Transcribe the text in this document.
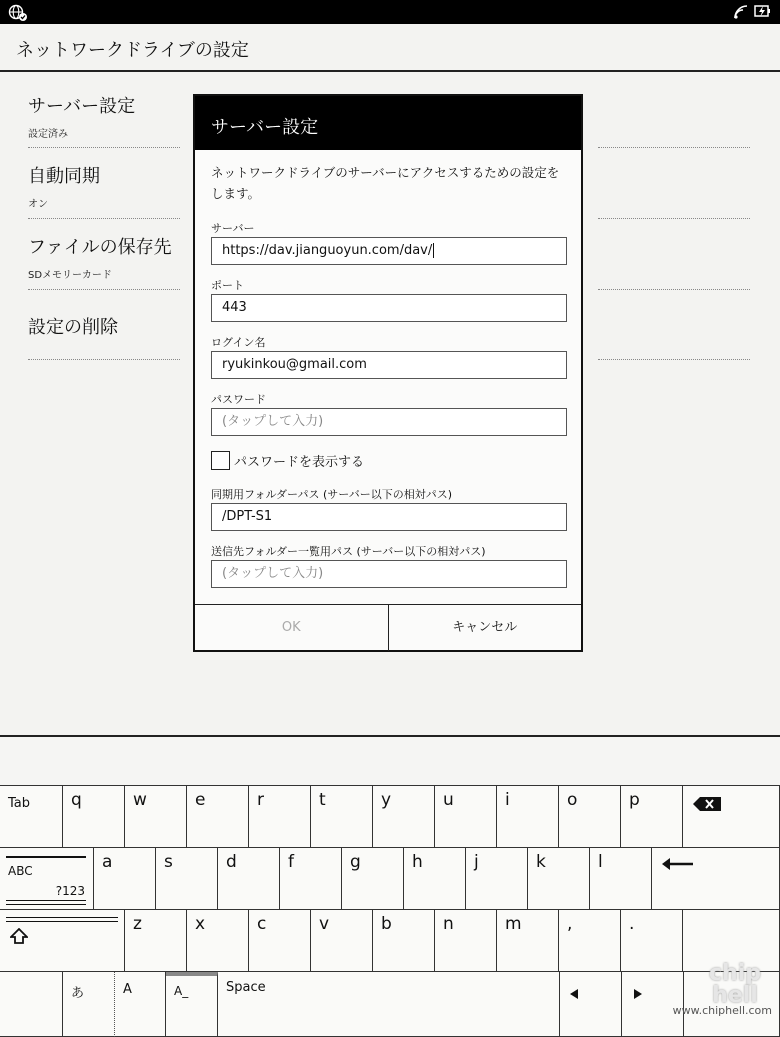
ネットワークドライブの設定
サーバー設定
設定済み
自動同期
オン
ファイルの保存先
SDメモリーカード
設定の削除
サーバー設定
ネットワークドライブのサーバーにアクセスするための設定をします。
サーバー
https://dav.jianguoyun.com/dav/
ポート
443
ログイン名
ryukinkou@gmail.com
パスワード
(タップして入力)
パスワードを表示する
同期用フォルダーパス (サーバー以下の相対パス)
/DPT-S1
送信先フォルダー一覧用パス (サーバー以下の相対パス)
(タップして入力)
OK	キャンセル
Tab q	w	e	r	t	y	u	i	o	p
ABC
?123
a	s	d	f	g	h	j	k	l
z	x	c	v	b	n	m	,	.
あ	A	A_	Space
chip hell
www.chiphell.com
